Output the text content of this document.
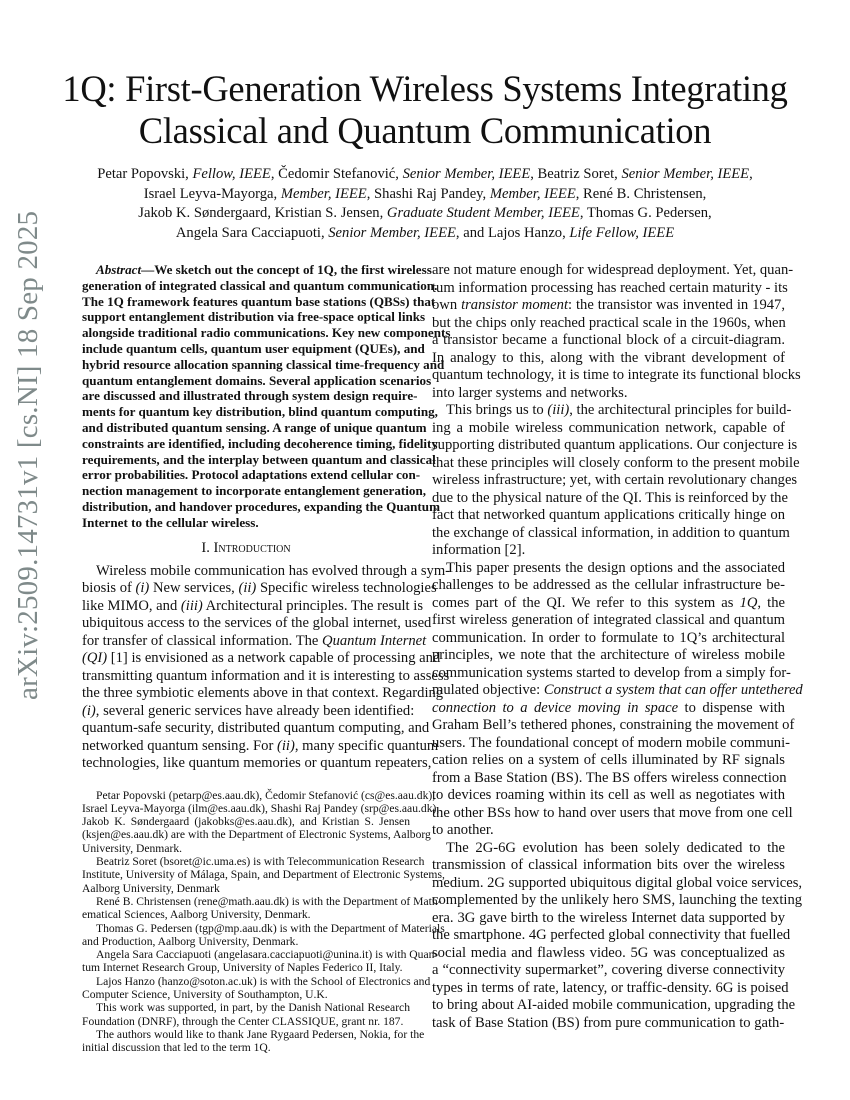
arXiv:2509.14731v1 [cs.NI] 18 Sep 2025
1Q: First-Generation Wireless Systems Integrating
Classical and Quantum Communication
Petar Popovski, Fellow, IEEE, Čedomir Stefanović, Senior Member, IEEE, Beatriz Soret, Senior Member, IEEE,
Israel Leyva-Mayorga, Member, IEEE, Shashi Raj Pandey, Member, IEEE, René B. Christensen,
Jakob K. Søndergaard, Kristian S. Jensen, Graduate Student Member, IEEE, Thomas G. Pedersen,
Angela Sara Cacciapuoti, Senior Member, IEEE, and Lajos Hanzo, Life Fellow, IEEE
Abstract—We sketch out the concept of 1Q, the first wireless
generation of integrated classical and quantum communication.
The 1Q framework features quantum base stations (QBSs) that
support entanglement distribution via free-space optical links
alongside traditional radio communications. Key new components
include quantum cells, quantum user equipment (QUEs), and
hybrid resource allocation spanning classical time-frequency and
quantum entanglement domains. Several application scenarios
are discussed and illustrated through system design require-
ments for quantum key distribution, blind quantum computing,
and distributed quantum sensing. A range of unique quantum
constraints are identified, including decoherence timing, fidelity
requirements, and the interplay between quantum and classical
error probabilities. Protocol adaptations extend cellular con-
nection management to incorporate entanglement generation,
distribution, and handover procedures, expanding the Quantum
Internet to the cellular wireless.
I. Introduction
Wireless mobile communication has evolved through a sym-
biosis of (i) New services, (ii) Specific wireless technologies
like MIMO, and (iii) Architectural principles. The result is
ubiquitous access to the services of the global internet, used
for transfer of classical information. The Quantum Internet
(QI) [1] is envisioned as a network capable of processing and
transmitting quantum information and it is interesting to assess
the three symbiotic elements above in that context. Regarding
(i), several generic services have already been identified:
quantum-safe security, distributed quantum computing, and
networked quantum sensing. For (ii), many specific quantum
technologies, like quantum memories or quantum repeaters,
Petar Popovski (petarp@es.aau.dk), Čedomir Stefanović (cs@es.aau.dk),
Israel Leyva-Mayorga (ilm@es.aau.dk), Shashi Raj Pandey (srp@es.aau.dk),
Jakob K. Søndergaard (jakobks@es.aau.dk), and Kristian S. Jensen
(ksjen@es.aau.dk) are with the Department of Electronic Systems, Aalborg
University, Denmark.
Beatriz Soret (bsoret@ic.uma.es) is with Telecommunication Research
Institute, University of Málaga, Spain, and Department of Electronic Systems,
Aalborg University, Denmark
René B. Christensen (rene@math.aau.dk) is with the Department of Math-
ematical Sciences, Aalborg University, Denmark.
Thomas G. Pedersen (tgp@mp.aau.dk) is with the Department of Materials
and Production, Aalborg University, Denmark.
Angela Sara Cacciapuoti (angelasara.cacciapuoti@unina.it) is with Quan-
tum Internet Research Group, University of Naples Federico II, Italy.
Lajos Hanzo (hanzo@soton.ac.uk) is with the School of Electronics and
Computer Science, University of Southampton, U.K.
This work was supported, in part, by the Danish National Research
Foundation (DNRF), through the Center CLASSIQUE, grant nr. 187.
The authors would like to thank Jane Rygaard Pedersen, Nokia, for the
initial discussion that led to the term 1Q.
are not mature enough for widespread deployment. Yet, quan-
tum information processing has reached certain maturity - its
own transistor moment: the transistor was invented in 1947,
but the chips only reached practical scale in the 1960s, when
a transistor became a functional block of a circuit-diagram.
In analogy to this, along with the vibrant development of
quantum technology, it is time to integrate its functional blocks
into larger systems and networks.
This brings us to (iii), the architectural principles for build-
ing a mobile wireless communication network, capable of
supporting distributed quantum applications. Our conjecture is
that these principles will closely conform to the present mobile
wireless infrastructure; yet, with certain revolutionary changes
due to the physical nature of the QI. This is reinforced by the
fact that networked quantum applications critically hinge on
the exchange of classical information, in addition to quantum
information [2].
This paper presents the design options and the associated
challenges to be addressed as the cellular infrastructure be-
comes part of the QI. We refer to this system as 1Q, the
first wireless generation of integrated classical and quantum
communication. In order to formulate to 1Q’s architectural
principles, we note that the architecture of wireless mobile
communication systems started to develop from a simply for-
mulated objective: Construct a system that can offer untethered
connection to a device moving in space to dispense with
Graham Bell’s tethered phones, constraining the movement of
users. The foundational concept of modern mobile communi-
cation relies on a system of cells illuminated by RF signals
from a Base Station (BS). The BS offers wireless connection
to devices roaming within its cell as well as negotiates with
the other BSs how to hand over users that move from one cell
to another.
The 2G-6G evolution has been solely dedicated to the
transmission of classical information bits over the wireless
medium. 2G supported ubiquitous digital global voice services,
complemented by the unlikely hero SMS, launching the texting
era. 3G gave birth to the wireless Internet data supported by
the smartphone. 4G perfected global connectivity that fuelled
social media and flawless video. 5G was conceptualized as
a “connectivity supermarket”, covering diverse connectivity
types in terms of rate, latency, or traffic-density. 6G is poised
to bring about AI-aided mobile communication, upgrading the
task of Base Station (BS) from pure communication to gath-
